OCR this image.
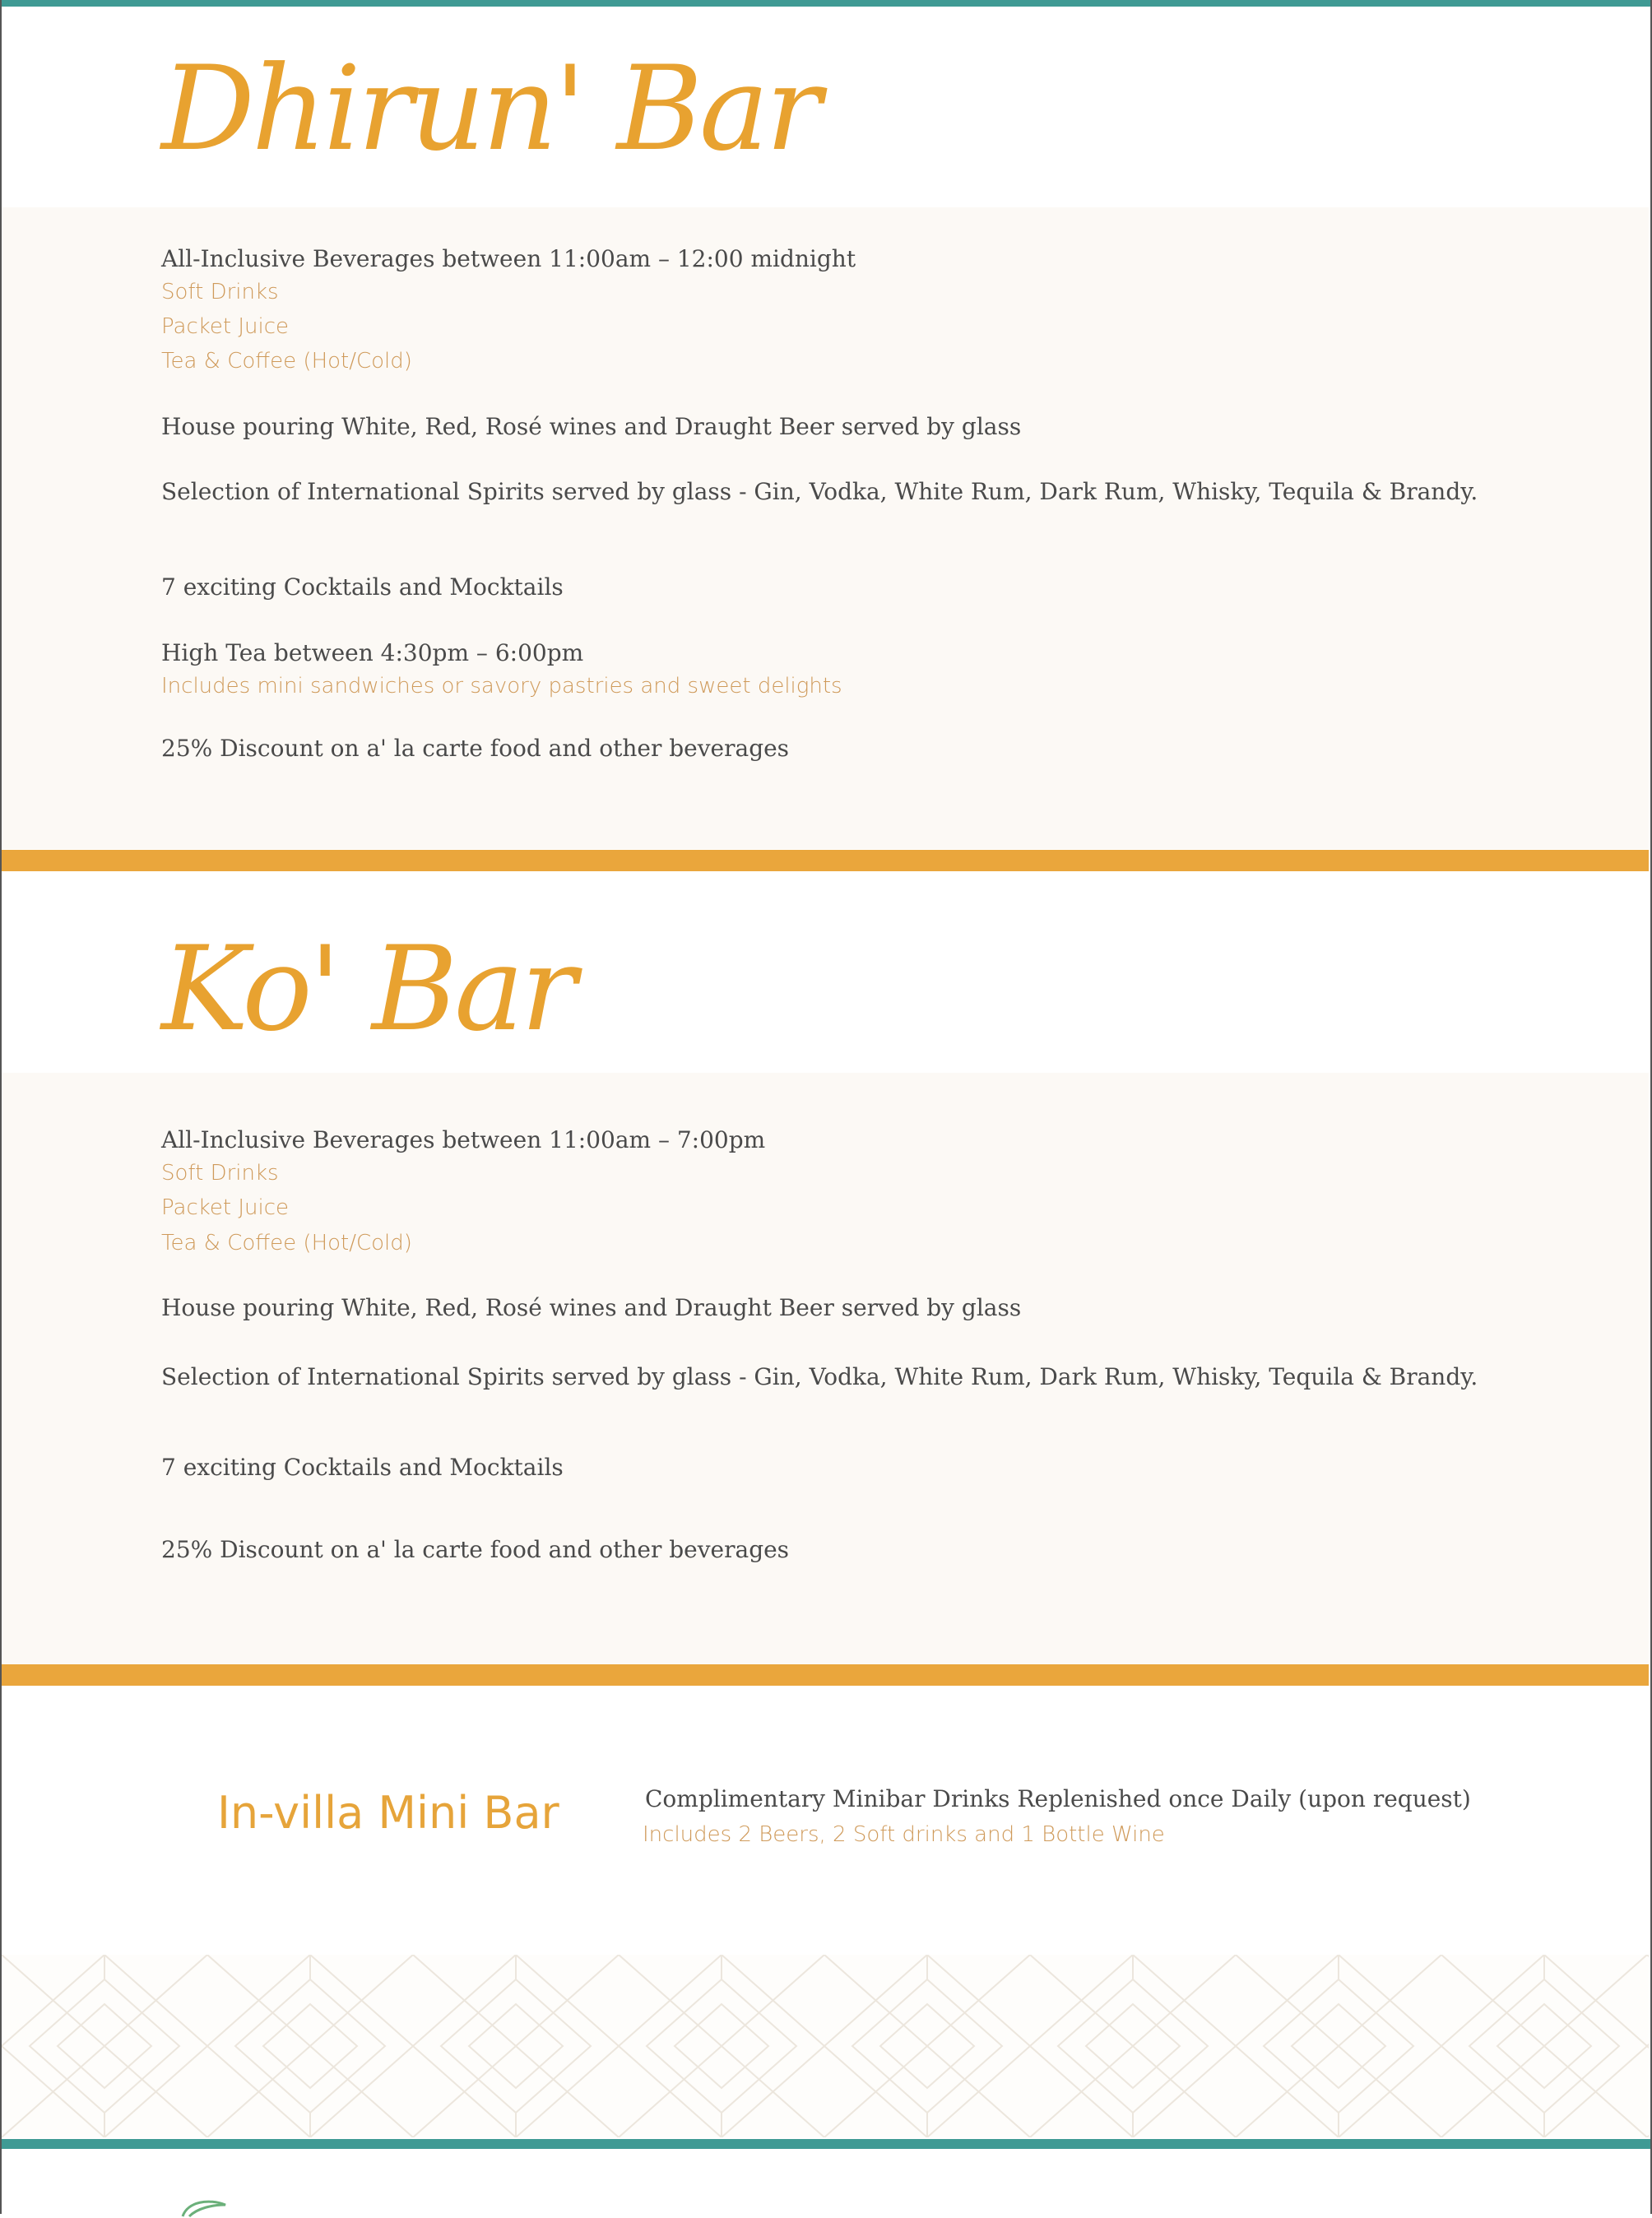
Dhirun' Bar

All-Inclusive Beverages between 11:00am – 12:00 midnight

Soft Drinks

Packet Juice

Tea & Coffee (Hot/Cold)

House pouring White, Red, Rosé wines and Draught Beer served by glass

Selection of International Spirits served by glass - Gin, Vodka, White Rum, Dark Rum, Whisky, Tequila & Brandy.

7 exciting Cocktails and Mocktails

High Tea between 4:30pm – 6:00pm

Includes mini sandwiches or savory pastries and sweet delights

25% Discount on a' la carte food and other beverages

Ko' Bar

All-Inclusive Beverages between 11:00am – 7:00pm

Soft Drinks

Packet Juice

Tea & Coffee (Hot/Cold)

House pouring White, Red, Rosé wines and Draught Beer served by glass

Selection of International Spirits served by glass - Gin, Vodka, White Rum, Dark Rum, Whisky, Tequila & Brandy.

7 exciting Cocktails and Mocktails

25% Discount on a' la carte food and other beverages

In-villa Mini Bar	Complimentary Minibar Drinks Replenished once Daily (upon request)

Includes 2 Beers, 2 Soft drinks and 1 Bottle Wine
